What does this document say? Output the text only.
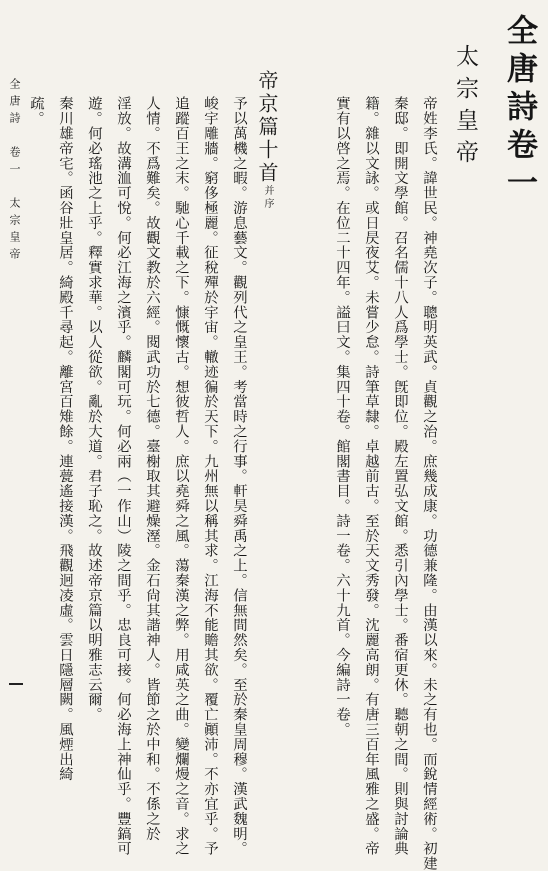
全唐詩卷一
太宗皇帝

帝姓李氏。諱世民。神堯次子。聰明英武。貞觀之治。庶幾成康。功德兼隆。由漢以來。未之有也。而銳情經術。初建

秦邸。即開文學館。召名儒十八人爲學士。旣即位。殿左置弘文館。悉引內學士。番宿更休。聽朝之間。則與討論典

籍。雜以文詠。或日昃夜艾。未嘗少怠。詩筆草隸。卓越前古。至於天文秀發。沈麗高朗。有唐三百年風雅之盛。帝

實有以啓之焉。在位二十四年。謚曰文。集四十卷。館閣書目。詩一卷。六十九首。今編詩一卷。

帝京篇十首并序

予以萬機之暇。游息藝文。觀列代之皇王。考當時之行事。軒昊舜禹之上。信無間然矣。至於秦皇周穆。漢武魏明。

峻宇雕牆。窮侈極麗。征稅殫於宇宙。轍迹徧於天下。九州無以稱其求。江海不能贍其欲。覆亡顚沛。不亦宜乎。予

追蹤百王之末。馳心千載之下。慷慨懷古。想彼哲人。庶以堯舜之風。蕩秦漢之弊。用咸英之曲。變爛熳之音。求之

人情。不爲難矣。故觀文教於六經。閱武功於七德。臺榭取其避燥溼。金石尙其諧神人。皆節之於中和。不係之於

淫放。故溝洫可悅。何必江海之濱乎。麟閣可玩。何必兩（一作山）陵之間乎。忠良可接。何必海上神仙乎。豐鎬可

遊。何必瑤池之上乎。釋實求華。以人從欲。亂於大道。君子恥之。故述帝京篇以明雅志云爾。

秦川雄帝宅。函谷壯皇居。綺殿千尋起。離宮百雉餘。連甍遙接漢。飛觀迥凌虛。雲日隱層闕。風煙出綺

疏。

全唐詩　卷一　太宗皇帝
